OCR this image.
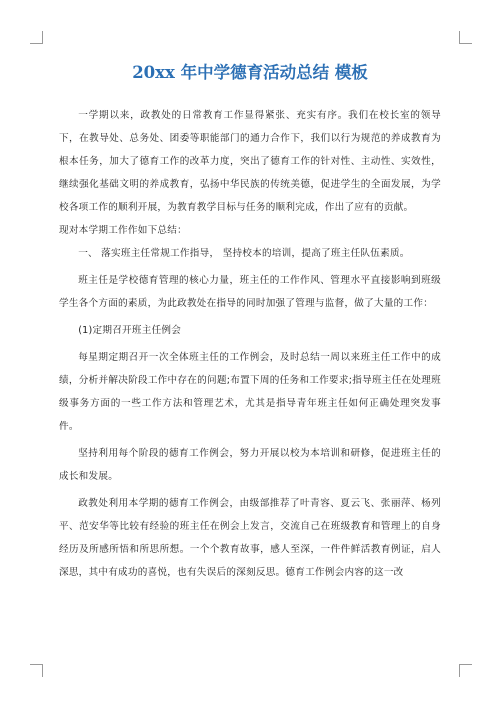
20xx 年中学德育活动总结 模板

一学期以来，政教处的日常教育工作显得紧张、充实有序。我们在校长室的领导下，在教导处、总务处、团委等职能部门的通力合作下，我们以行为规范的养成教育为根本任务，加大了德育工作的改革力度，突出了德育工作的针对性、主动性、实效性，继续强化基础文明的养成教育，弘扬中华民族的传统美德，促进学生的全面发展，为学校各项工作的顺利开展，为教育教学目标与任务的顺利完成，作出了应有的贡献。

现对本学期工作作如下总结：

一、 落实班主任常规工作指导， 坚持校本的培训，提高了班主任队伍素质。

班主任是学校德育管理的核心力量，班主任的工作作风、管理水平直接影响到班级学生各个方面的素质，为此政教处在指导的同时加强了管理与监督，做了大量的工作：

(1)定期召开班主任例会

每星期定期召开一次全体班主任的工作例会，及时总结一周以来班主任工作中的成绩，分析并解决阶段工作中存在的问题;布置下周的任务和工作要求;指导班主任在处理班级事务方面的一些工作方法和管理艺术，尤其是指导青年班主任如何正确处理突发事件。

坚持利用每个阶段的德育工作例会，努力开展以校为本培训和研修，促进班主任的成长和发展。

政教处利用本学期的德育工作例会，由级部推荐了叶青容、夏云飞、张丽萍、杨列平、范安华等比较有经验的班主任在例会上发言，交流自己在班级教育和管理上的自身经历及所感所悟和所思所想。一个个教育故事，感人至深，一件件鲜活教育例证，启人深思，其中有成功的喜悦，也有失误后的深刻反思。德育工作例会内容的这一改
